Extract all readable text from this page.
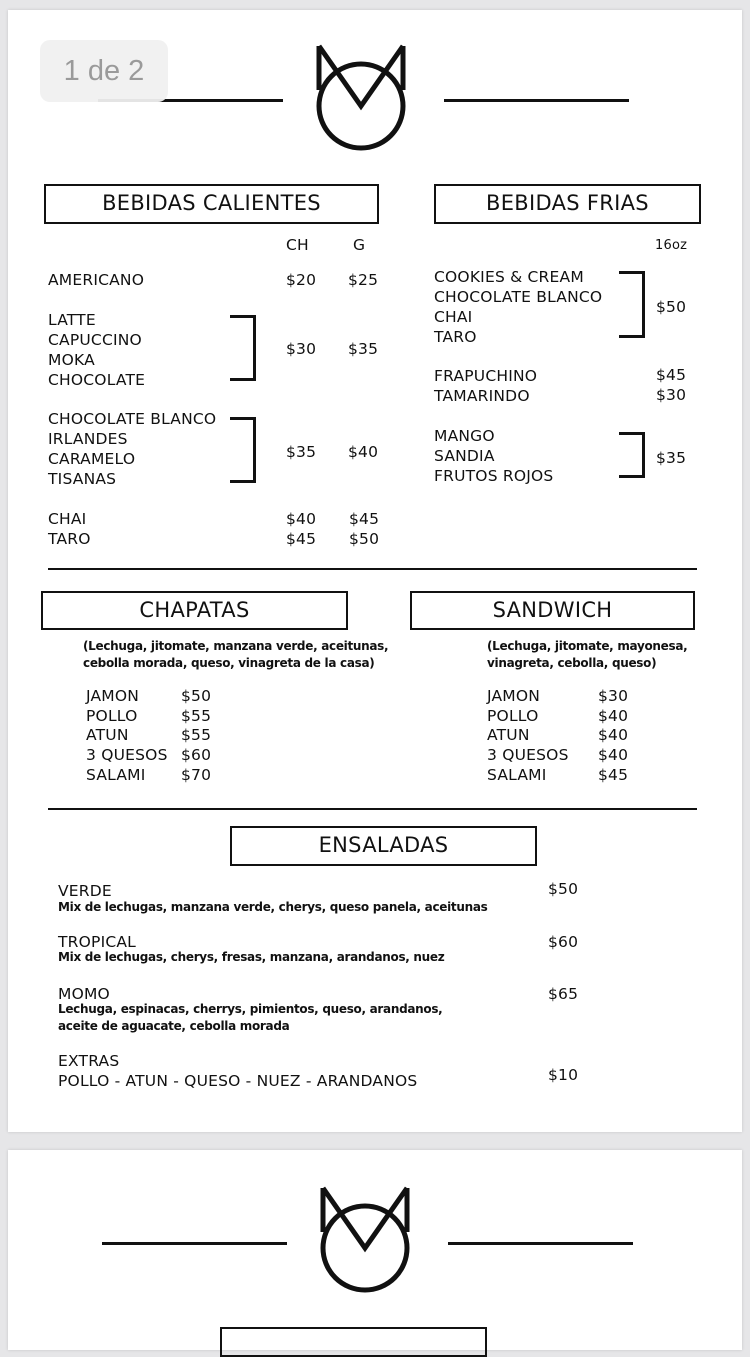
BEBIDAS CALIENTES
CH	G
AMERICANO	$20 $25
LATTE
CAPUCCINO
MOKA
CHOCOLATE
$30 $35
CHOCOLATE BLANCO
IRLANDES
CARAMELO
TISANAS
$35 $40
CHAI	$40 $45
TARO	$45 $50
BEBIDAS FRIAS
16oz
COOKIES & CREAM
CHOCOLATE BLANCO
CHAI
TARO
$50
FRAPUCHINO	$45
TAMARINDO	$30
MANGO
SANDIA
FRUTOS ROJOS
$35
CHAPATAS
(Lechuga, jitomate, manzana verde, aceitunas,
cebolla morada, queso, vinagreta de la casa)
JAMON	$50
POLLO	$55
ATUN	$55
3 QUESOS $60
SALAMI $70
SANDWICH
(Lechuga, jitomate, mayonesa,
vinagreta, cebolla, queso)
JAMON	$30
POLLO	$40
ATUN	$40
3 QUESOS $40
SALAMI	$45
ENSALADAS
VERDE
Mix de lechugas, manzana verde, cherys, queso panela, aceitunas
$50
TROPICAL
Mix de lechugas, cherys, fresas, manzana, arandanos, nuez
$60
MOMO
Lechuga, espinacas, cherrys, pimientos, queso, arandanos,
aceite de aguacate, cebolla morada
$65
EXTRAS
POLLO - ATUN - QUESO - NUEZ - ARANDANOS	$10
1 de 2
